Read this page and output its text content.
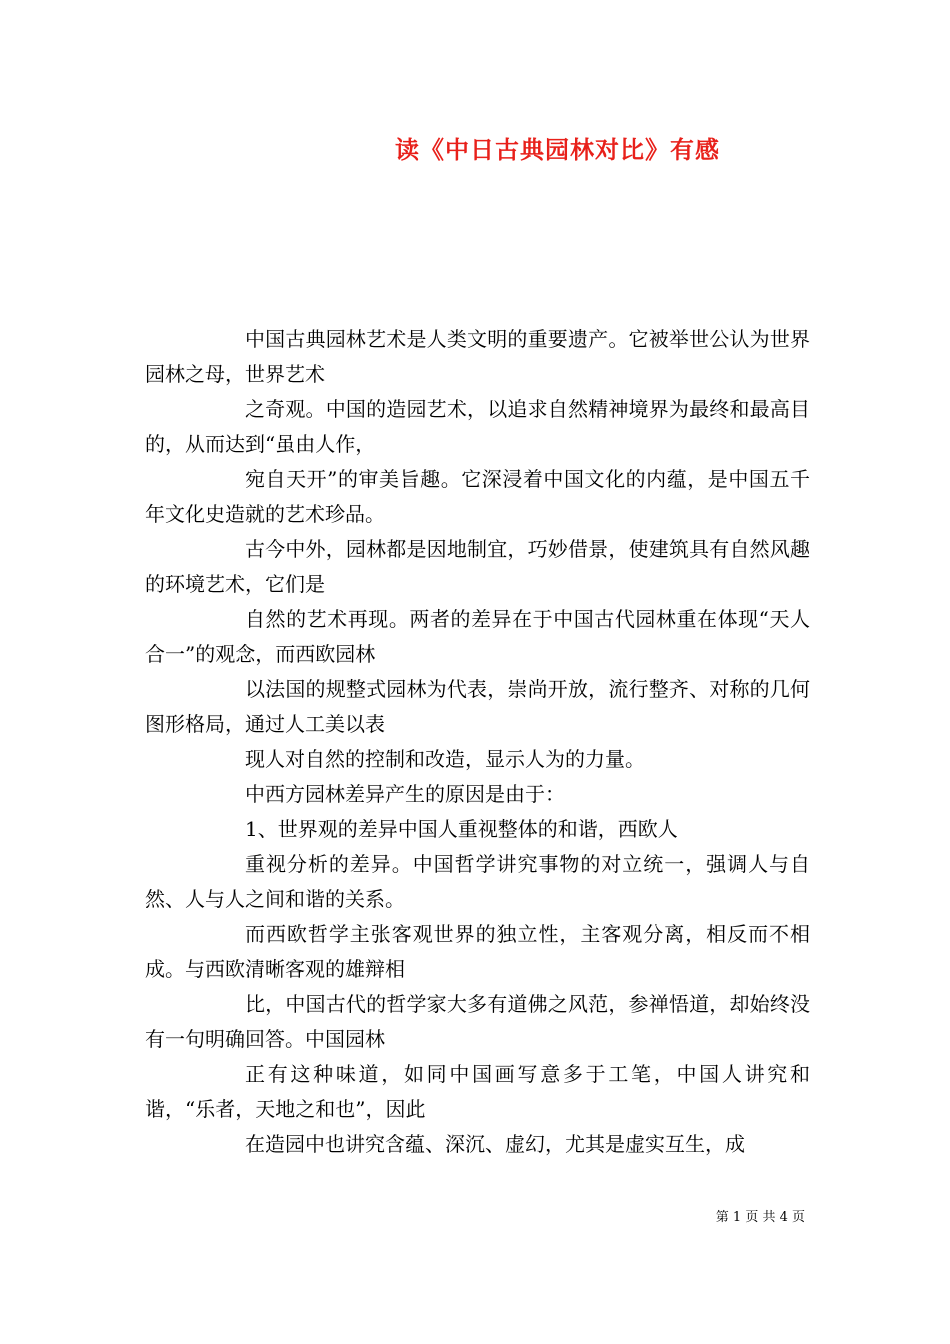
读《中日古典园林对比》有感

中国古典园林艺术是人类文明的重要遗产。它被举世公认为世界园林之母，世界艺术

之奇观。中国的造园艺术，以追求自然精神境界为最终和最高目的，从而达到“虽由人作，

宛自天开”的审美旨趣。它深浸着中国文化的内蕴，是中国五千年文化史造就的艺术珍品。

古今中外，园林都是因地制宜，巧妙借景，使建筑具有自然风趣的环境艺术，它们是

自然的艺术再现。两者的差异在于中国古代园林重在体现“天人合一”的观念，而西欧园林

以法国的规整式园林为代表，崇尚开放，流行整齐、对称的几何图形格局，通过人工美以表

现人对自然的控制和改造，显示人为的力量。

中西方园林差异产生的原因是由于：

1、世界观的差异中国人重视整体的和谐，西欧人

重视分析的差异。中国哲学讲究事物的对立统一，强调人与自然、人与人之间和谐的关系。

而西欧哲学主张客观世界的独立性，主客观分离，相反而不相成。与西欧清晰客观的雄辩相

比，中国古代的哲学家大多有道佛之风范，参禅悟道，却始终没有一句明确回答。中国园林

正有这种味道，如同中国画写意多于工笔，中国人讲究和谐，“乐者，天地之和也”，因此

在造园中也讲究含蕴、深沉、虚幻，尤其是虚实互生，成

第 1 页 共 4 页
